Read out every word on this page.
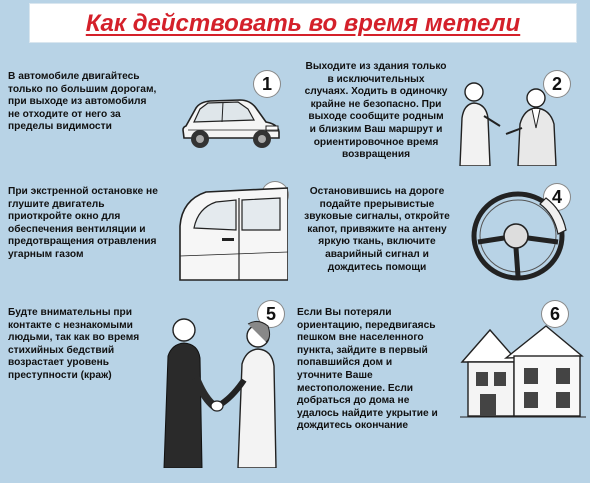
Как действовать во время метели
В автомобиле двигайтесь
только по большим дорогам,
при выходе из автомобиля
не отходите от него за
пределы видимости
1
Выходите из здания только
в исключительных
случаях. Ходить в одиночку
крайне не безопасно. При
выходе сообщите родным
и близким Ваш маршрут и
ориентировочное время
возвращения
2
При экстренной остановке не
глушите двигатель
приоткройте окно для
обеспечения вентиляции и
предотвращения отравления
угарным газом
Остановившись на дороге
подайте прерывистые
звуковые сигналы, откройте
капот, привяжите на антену
яркую ткань, включите
аварийный сигнал и
дождитесь помощи
4
Будте внимательны при
контакте с незнакомыми
людьми, так как во время
стихийных бедствий
возрастает уровень
преступности (краж)
5	Если Вы потеряли
ориентацию, передвигаясь
пешком вне населенного
пункта, зайдите в первый
попавшийся дом и
уточните Ваше
местоположение. Если
добраться до дома не
удалось найдите укрытие и
дождитесь окончание
6
